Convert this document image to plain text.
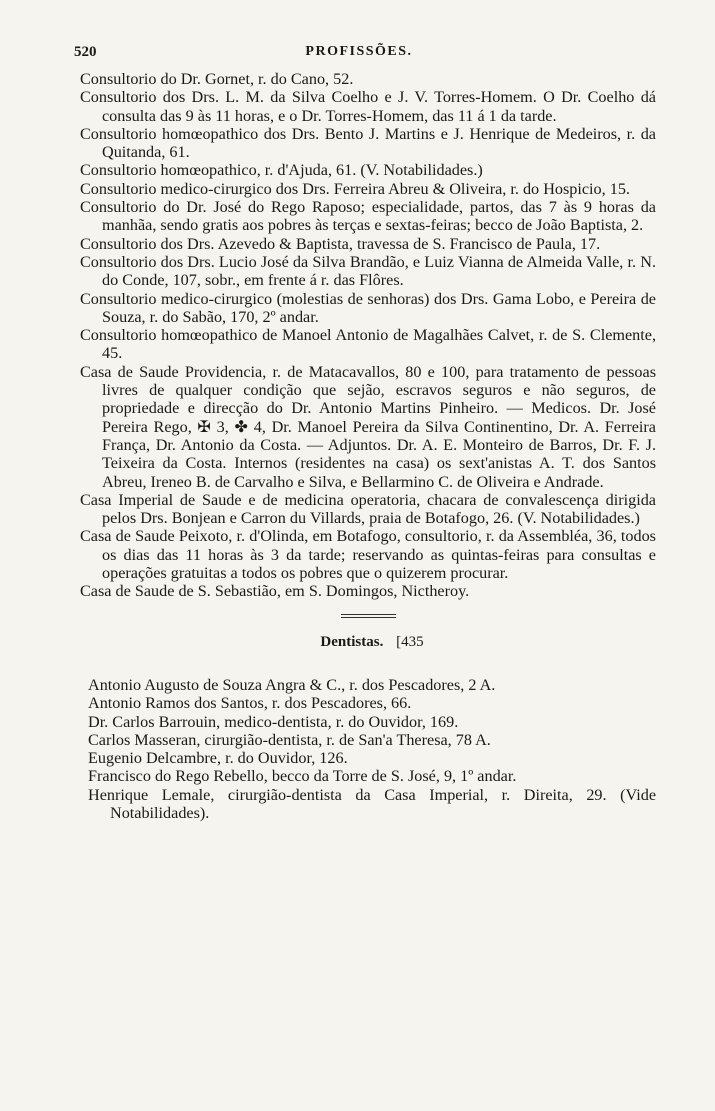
520	PROFISSÕES.

Consultorio do Dr. Gornet, r. do Cano, 52.

Consultorio dos Drs. L. M. da Silva Coelho e J. V. Torres-Homem. O Dr. Coelho dá consulta das 9 às 11 horas, e o Dr. Torres-Homem, das 11 á 1 da tarde.

Consultorio homœopathico dos Drs. Bento J. Martins e J. Henrique de Medeiros, r. da Quitanda, 61.

Consultorio homœopathico, r. d'Ajuda, 61. (V. Notabilidades.)

Consultorio medico-cirurgico dos Drs. Ferreira Abreu & Oliveira, r. do Hospicio, 15.

Consultorio do Dr. José do Rego Raposo; especialidade, partos, das 7 às 9 horas da manhãa, sendo gratis aos pobres às terças e sextas-feiras; becco de João Baptista, 2.

Consultorio dos Drs. Azevedo & Baptista, travessa de S. Francisco de Paula, 17.

Consultorio dos Drs. Lucio José da Silva Brandão, e Luiz Vianna de Almeida Valle, r. N. do Conde, 107, sobr., em frente á r. das Flôres.

Consultorio medico-cirurgico (molestias de senhoras) dos Drs. Gama Lobo, e Pereira de Souza, r. do Sabão, 170, 2º andar.

Consultorio homœopathico de Manoel Antonio de Magalhães Calvet, r. de S. Clemente, 45.

Casa de Saude Providencia, r. de Matacavallos, 80 e 100, para tratamento de pessoas livres de qualquer condição que sejão, escravos seguros e não seguros, de propriedade e direcção do Dr. Antonio Martins Pinheiro. — Medicos. Dr. José Pereira Rego, ✠ 3, ✤ 4, Dr. Manoel Pereira da Silva Continentino, Dr. A. Ferreira França, Dr. Antonio da Costa. — Adjuntos. Dr. A. E. Monteiro de Barros, Dr. F. J. Teixeira da Costa. Internos (residentes na casa) os sext'anistas A. T. dos Santos Abreu, Ireneo B. de Carvalho e Silva, e Bellarmino C. de Oliveira e Andrade.

Casa Imperial de Saude e de medicina operatoria, chacara de convalescença dirigida pelos Drs. Bonjean e Carron du Villards, praia de Botafogo, 26. (V. Notabilidades.)

Casa de Saude Peixoto, r. d'Olinda, em Botafogo, consultorio, r. da Assembléa, 36, todos os dias das 11 horas às 3 da tarde; reservando as quintas-feiras para consultas e operações gratuitas a todos os pobres que o quizerem procurar.

Casa de Saude de S. Sebastião, em S. Domingos, Nictheroy.

Dentistas. [435

Antonio Augusto de Souza Angra & C., r. dos Pescadores, 2 A.

Antonio Ramos dos Santos, r. dos Pescadores, 66.

Dr. Carlos Barrouin, medico-dentista, r. do Ouvidor, 169.

Carlos Masseran, cirurgião-dentista, r. de San'a Theresa, 78 A.

Eugenio Delcambre, r. do Ouvidor, 126.

Francisco do Rego Rebello, becco da Torre de S. José, 9, 1º andar.

Henrique Lemale, cirurgião-dentista da Casa Imperial, r. Direita, 29. (Vide Notabilidades).
